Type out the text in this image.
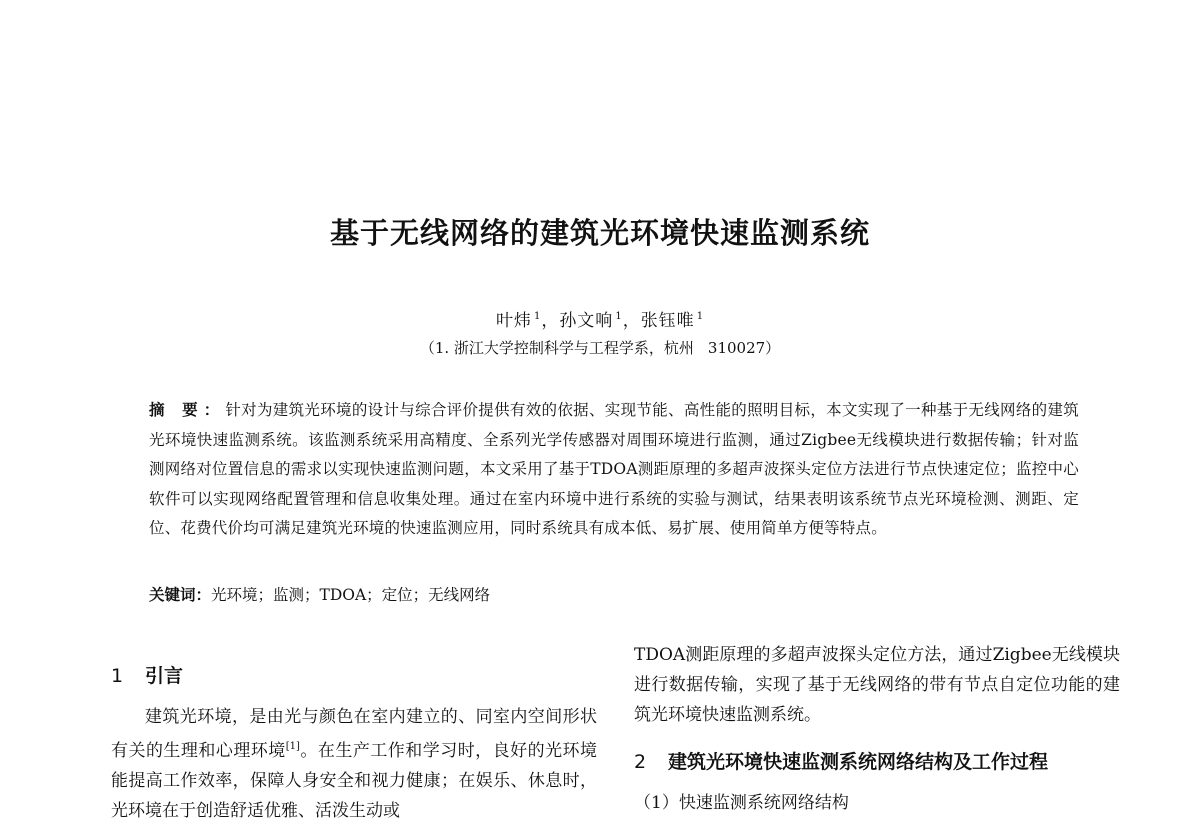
基于无线网络的建筑光环境快速监测系统
叶炜 $^1$，孙文响 $^1$，张钰唯 $^1$
（1. 浙江大学控制科学与工程学系，杭州 310027）
摘 要：针对为建筑光环境的设计与综合评价提供有效的依据、实现节能、高性能的照明目标，本文实现了一种基于无线网络的建筑光环境快速监测系统。该监测系统采用高精度、全系列光学传感器对周围环境进行监测，通过Zigbee无线模块进行数据传输；针对监测网络对位置信息的需求以实现快速监测问题，本文采用了基于TDOA测距原理的多超声波探头定位方法进行节点快速定位；监控中心软件可以实现网络配置管理和信息收集处理。通过在室内环境中进行系统的实验与测试，结果表明该系统节点光环境检测、测距、定位、花费代价均可满足建筑光环境的快速监测应用，同时系统具有成本低、易扩展、使用简单方便等特点。
关键词：光环境；监测；TDOA；定位；无线网络
1 引言

建筑光环境，是由光与颜色在室内建立的、同室内空间形状有关的生理和心理环境[1]。在生产工作和学习时，良好的光环境能提高工作效率，保障人身安全和视力健康；在娱乐、休息时，光环境在于创造舒适优雅、活泼生动或

TDOA测距原理的多超声波探头定位方法，通过Zigbee无线模块进行数据传输，实现了基于无线网络的带有节点自定位功能的建筑光环境快速监测系统。

2 建筑光环境快速监测系统网络结构及工作过程

（1）快速监测系统网络结构
